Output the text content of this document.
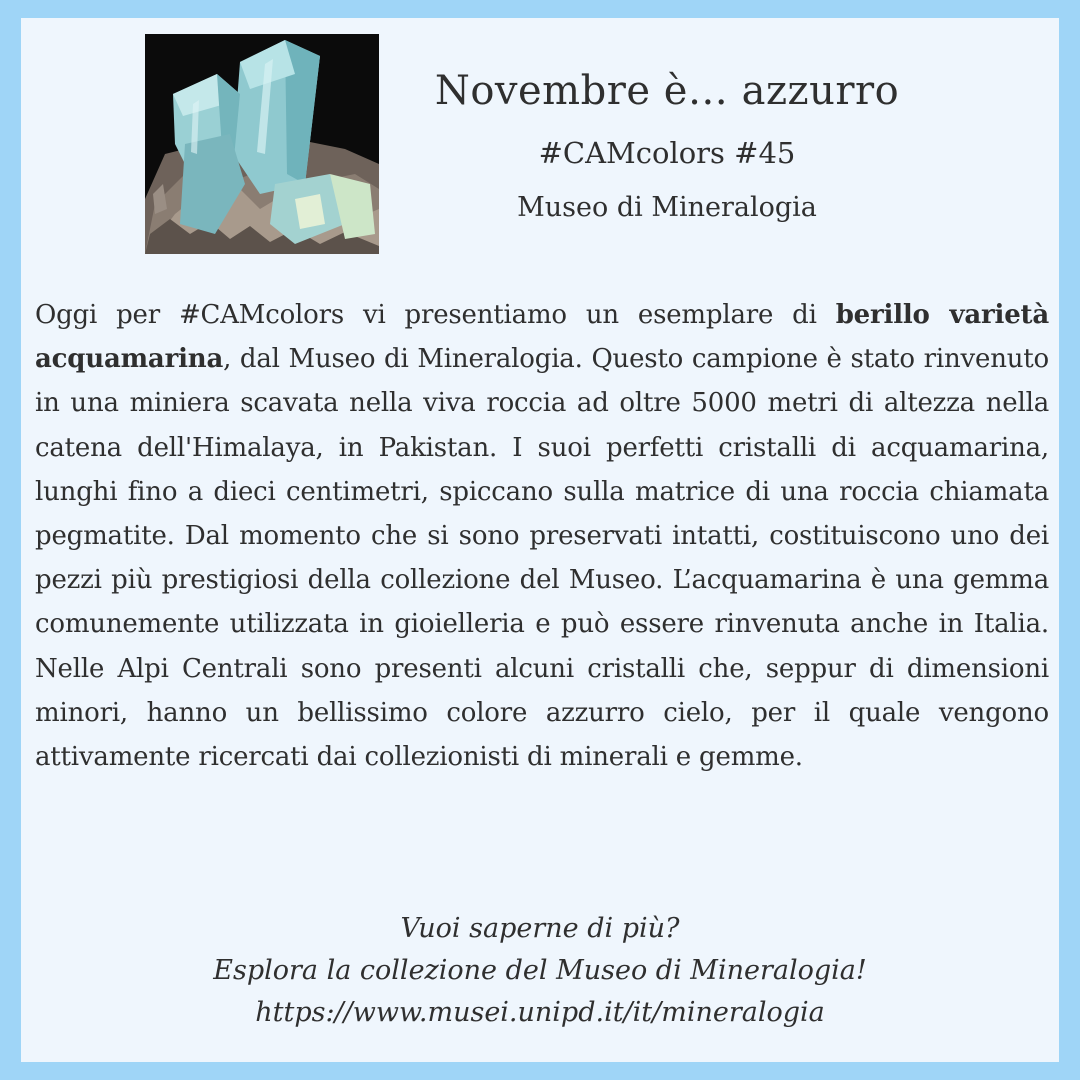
Novembre è… azzurro
#CAMcolors #45
Museo di Mineralogia

Oggi per #CAMcolors vi presentiamo un esemplare di berillo varietà acquamarina, dal Museo di Mineralogia. Questo campione è stato rinvenuto in una miniera scavata nella viva roccia ad oltre 5000 metri di altezza nella catena dell'Himalaya, in Pakistan. I suoi perfetti cristalli di acquamarina, lunghi fino a dieci centimetri, spiccano sulla matrice di una roccia chiamata pegmatite. Dal momento che si sono preservati intatti, costituiscono uno dei pezzi più prestigiosi della collezione del Museo. L’acquamarina è una gemma comunemente utilizzata in gioielleria e può essere rinvenuta anche in Italia. Nelle Alpi Centrali sono presenti alcuni cristalli che, seppur di dimensioni minori, hanno un bellissimo colore azzurro cielo, per il quale vengono attivamente ricercati dai collezionisti di minerali e gemme.

Vuoi saperne di più?
Esplora la collezione del Museo di Mineralogia!
https://www.musei.unipd.it/it/mineralogia
